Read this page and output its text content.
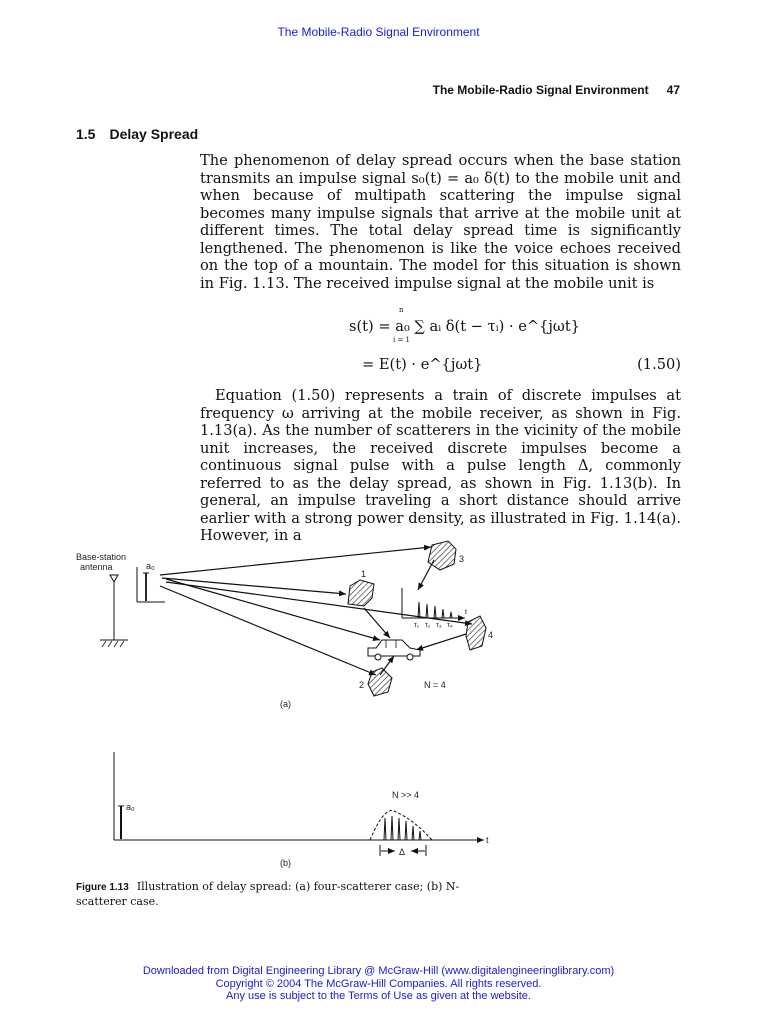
The Mobile-Radio Signal Environment
The Mobile-Radio Signal Environment 47
1.5 Delay Spread

The phenomenon of delay spread occurs when the base station transmits an impulse signal s₀(t) = a₀ δ(t) to the mobile unit and when because of multipath scattering the impulse signal becomes many impulse signals that arrive at the mobile unit at different times. The total delay spread time is significantly lengthened. The phenomenon is like the voice echoes received on the top of a mountain. The model for this situation is shown in Fig. 1.13. The received impulse signal at the mobile unit is

s(t) = a₀ ∑ aᵢ δ(t − τᵢ) · e^{jωt}
n
i = 1
= E(t) · e^{jωt}	(1.50)

Equation (1.50) represents a train of discrete impulses at frequency ω arriving at the mobile receiver, as shown in Fig. 1.13(a). As the number of scatterers in the vicinity of the mobile unit increases, the received discrete impulses become a continuous signal pulse with a pulse length Δ, commonly referred to as the delay spread, as shown in Fig. 1.13(b). In general, an impulse traveling a short distance should arrive earlier with a strong power density, as illustrated in Fig. 1.14(a). However, in a

Base-station
antenna	a₀
3
1
4
2
t
τ₁ τ₂ τ₃ τ₄
N = 4
(a)
a₀
t
N >> 4
Δ
(b)

Figure 1.13 Illustration of delay spread: (a) four-scatterer case; (b) N-scatterer case.

Downloaded from Digital Engineering Library @ McGraw-Hill (www.digitalengineeringlibrary.com)
Copyright © 2004 The McGraw-Hill Companies. All rights reserved.
Any use is subject to the Terms of Use as given at the website.
